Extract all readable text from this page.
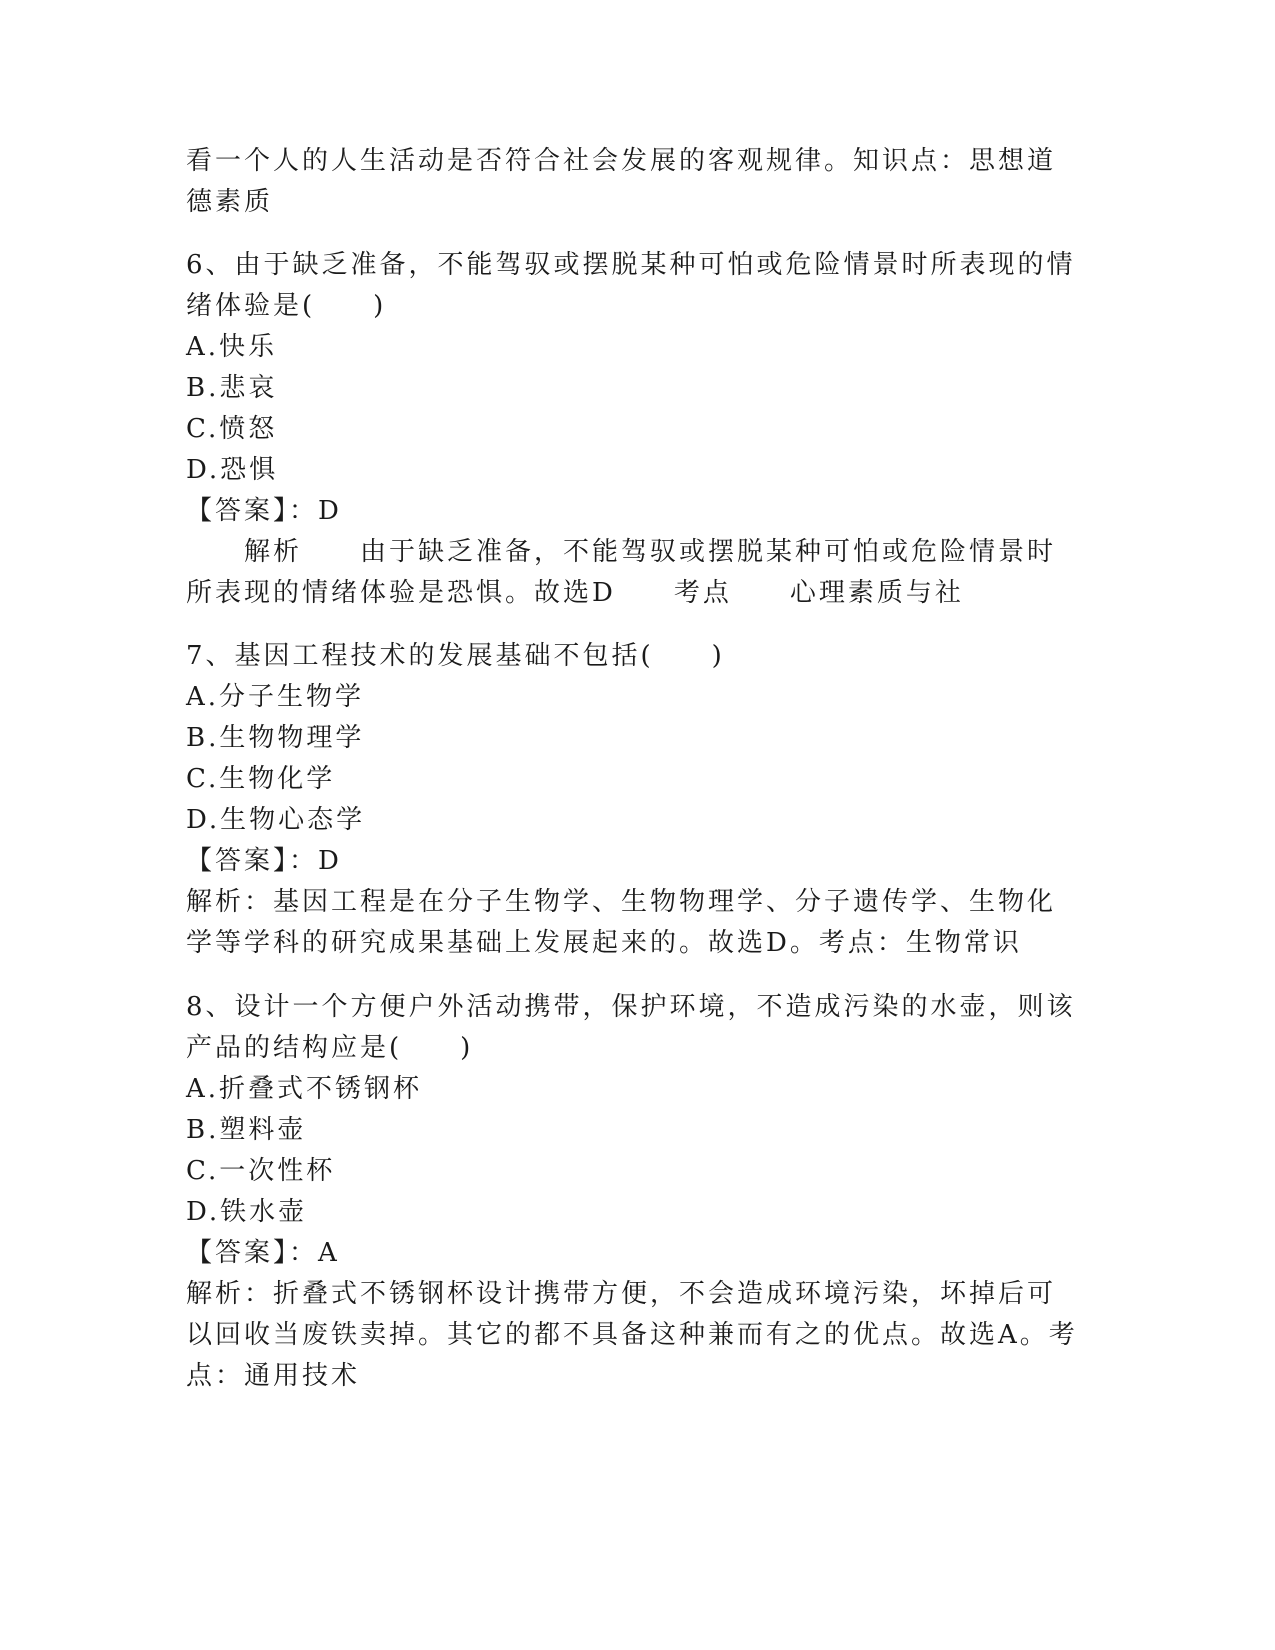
看一个人的人生活动是否符合社会发展的客观规律。知识点：思想道
德素质
6、由于缺乏准备，不能驾驭或摆脱某种可怕或危险情景时所表现的情
绪体验是(　　)
A.快乐
B.悲哀
C.愤怒
D.恐惧
【答案】：D
　　解析　　由于缺乏准备，不能驾驭或摆脱某种可怕或危险情景时
所表现的情绪体验是恐惧。故选D　　考点　　心理素质与社
7、基因工程技术的发展基础不包括(　　)
A.分子生物学
B.生物物理学
C.生物化学
D.生物心态学
【答案】：D
解析：基因工程是在分子生物学、生物物理学、分子遗传学、生物化
学等学科的研究成果基础上发展起来的。故选D。考点：生物常识
8、设计一个方便户外活动携带，保护环境，不造成污染的水壶，则该
产品的结构应是(　　)
A.折叠式不锈钢杯
B.塑料壶
C.一次性杯
D.铁水壶
【答案】：A
解析：折叠式不锈钢杯设计携带方便，不会造成环境污染，坏掉后可
以回收当废铁卖掉。其它的都不具备这种兼而有之的优点。故选A。考
点：通用技术
